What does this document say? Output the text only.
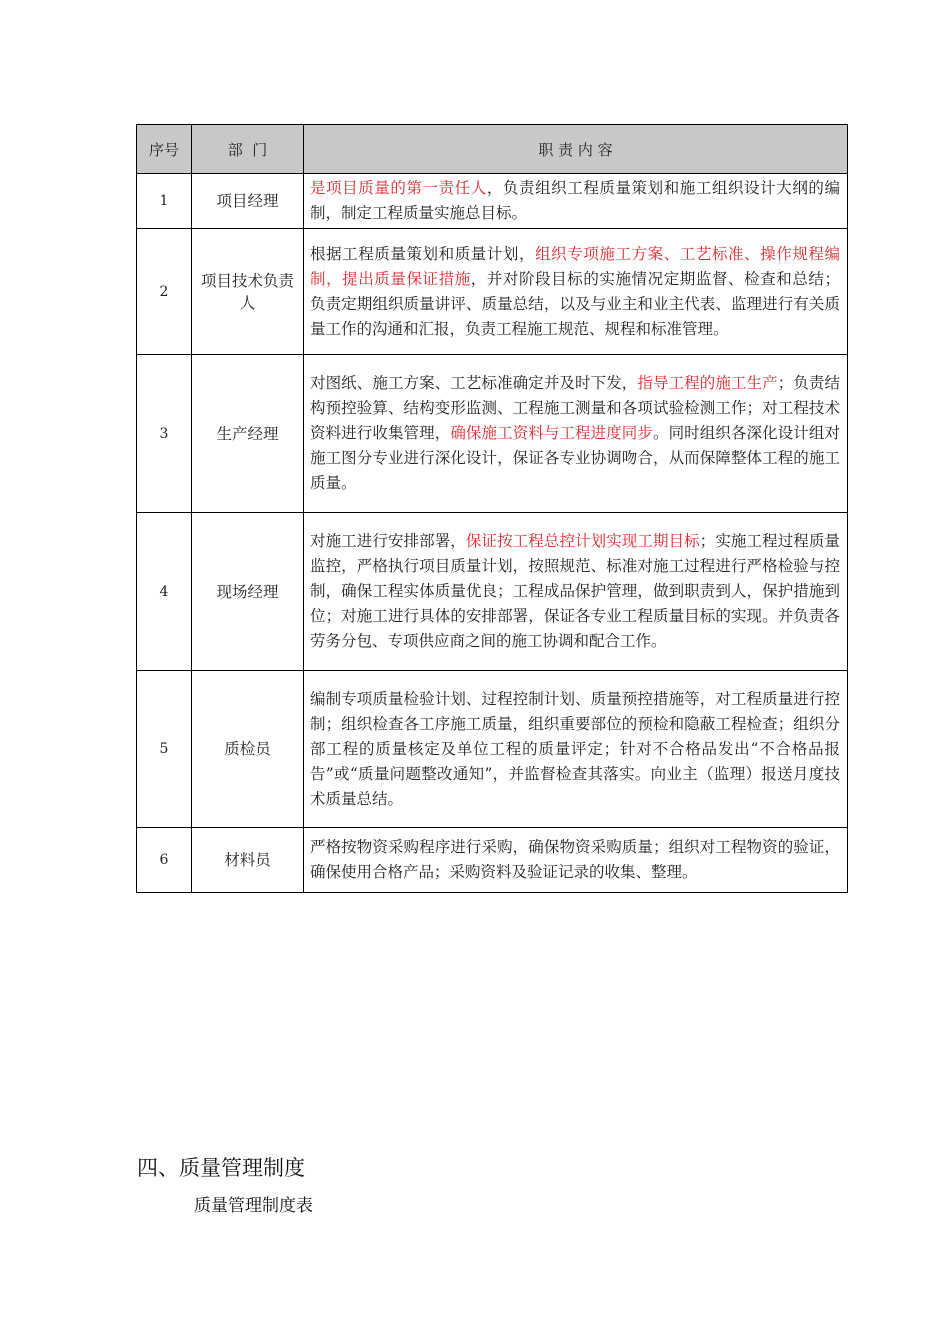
序号	部  门	职 责 内 容
1	项目经理	是项目质量的第一责任人，负责组织工程质量策划和施工组织设计大纲的编制，制定工程质量实施总目标。
2	项目技术负责人	根据工程质量策划和质量计划，组织专项施工方案、工艺标准、操作规程编制，提出质量保证措施，并对阶段目标的实施情况定期监督、检查和总结； 负责定期组织质量讲评、质量总结，以及与业主和业主代表、监理进行有关质量工作的沟通和汇报，负责工程施工规范、规程和标准管理。
3	生产经理	对图纸、施工方案、工艺标准确定并及时下发，指导工程的施工生产；负责结构预控验算、结构变形监测、工程施工测量和各项试验检测工作；对工程技术资料进行收集管理，确保施工资料与工程进度同步。同时组织各深化设计组对施工图分专业进行深化设计，保证各专业协调吻合，从而保障整体工程的施工质量。
4	现场经理	对施工进行安排部署，保证按工程总控计划实现工期目标；实施工程过程质量监控，严格执行项目质量计划，按照规范、标准对施工过程进行严格检验与控制，确保工程实体质量优良；工程成品保护管理，做到职责到人，保护措施到位；对施工进行具体的安排部署，保证各专业工程质量目标的实现。并负责各劳务分包、专项供应商之间的施工协调和配合工作。
5	质检员	编制专项质量检验计划、过程控制计划、质量预控措施等，对工程质量进行控制；组织检查各工序施工质量，组织重要部位的预检和隐蔽工程检查；组织分部工程的质量核定及单位工程的质量评定；针对不合格品发出“不合格品报告”或“质量问题整改通知”，并监督检查其落实。向业主（监理）报送月度技术质量总结。
6	材料员	严格按物资采购程序进行采购，确保物资采购质量；组织对工程物资的验证，确保使用合格产品；采购资料及验证记录的收集、整理。
四、质量管理制度

质量管理制度表
